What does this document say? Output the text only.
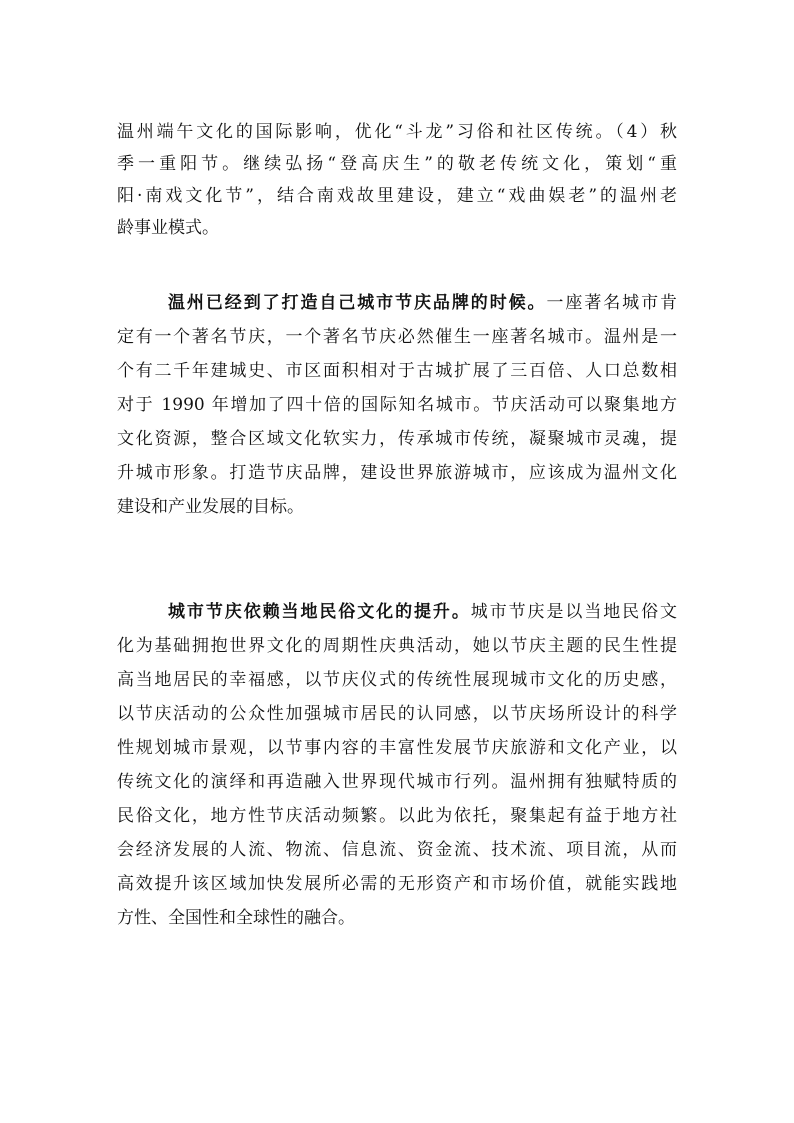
温州端午文化的国际影响，优化“斗龙”习俗和社区传统。（4）秋
季一重阳节。继续弘扬“登高庆生”的敬老传统文化，策划“重
阳·南戏文化节”，结合南戏故里建设，建立“戏曲娱老”的温州老
龄事业模式。
温州已经到了打造自己城市节庆品牌的时候。一座著名城市肯
定有一个著名节庆，一个著名节庆必然催生一座著名城市。温州是一
个有二千年建城史、市区面积相对于古城扩展了三百倍、人口总数相
对于 1990 年增加了四十倍的国际知名城市。节庆活动可以聚集地方
文化资源，整合区域文化软实力，传承城市传统，凝聚城市灵魂，提
升城市形象。打造节庆品牌，建设世界旅游城市，应该成为温州文化
建设和产业发展的目标。
城市节庆依赖当地民俗文化的提升。城市节庆是以当地民俗文
化为基础拥抱世界文化的周期性庆典活动，她以节庆主题的民生性提
高当地居民的幸福感，以节庆仪式的传统性展现城市文化的历史感，
以节庆活动的公众性加强城市居民的认同感，以节庆场所设计的科学
性规划城市景观，以节事内容的丰富性发展节庆旅游和文化产业，以
传统文化的演绎和再造融入世界现代城市行列。温州拥有独赋特质的
民俗文化，地方性节庆活动频繁。以此为依托，聚集起有益于地方社
会经济发展的人流、物流、信息流、资金流、技术流、项目流，从而
高效提升该区域加快发展所必需的无形资产和市场价值，就能实践地
方性、全国性和全球性的融合。
